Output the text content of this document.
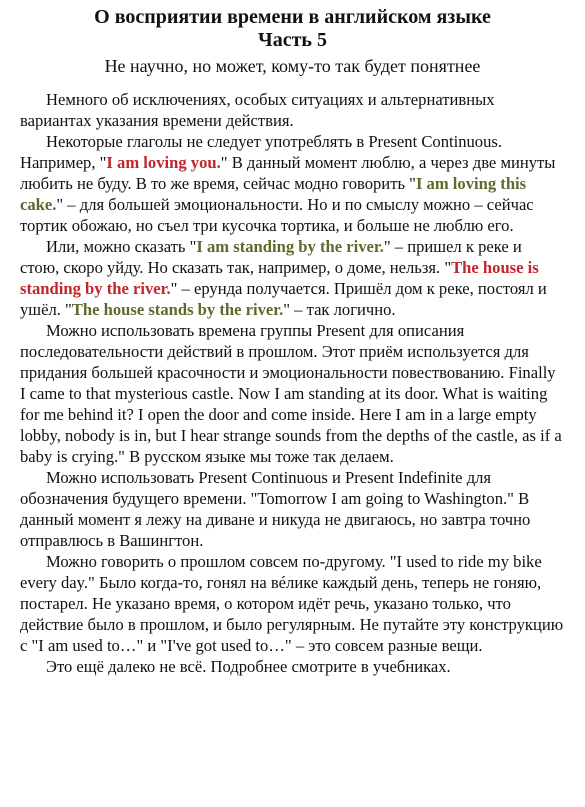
О восприятии времени в английском языке
Часть 5
Не научно, но может, кому-то так будет понятнее

Немного об исключениях, особых ситуациях и альтернативных вариантах указания времени действия.

Некоторые глаголы не следует употреблять в Present Continuous. Например, "I am loving you." В данный момент люблю, а через две минуты любить не буду. В то же время, сейчас модно говорить "I am loving this cake." – для большей эмоциональности. Но и по смыслу можно – сейчас тортик обожаю, но съел три кусочка тортика, и больше не люблю его.

Или, можно сказать "I am standing by the river." – пришел к реке и стою, скоро уйду. Но сказать так, например, о доме, нельзя. "The house is standing by the river." – ерунда получается. Пришёл дом к реке, постоял и ушёл. "The house stands by the river." – так логично.

Можно использовать времена группы Present для описания последовательности действий в прошлом. Этот приём используется для придания большей красочности и эмоциональности повествованию. Finally I came to that mysterious castle. Now I am standing at its door. What is waiting for me behind it? I open the door and come inside. Here I am in a large empty lobby, nobody is in, but I hear strange sounds from the depths of the castle, as if a baby is crying." В русском языке мы тоже так делаем.

Можно использовать Present Continuous и Present Indefinite для обозначения будущего времени. "Tomorrow I am going to Washington." В данный момент я лежу на диване и никуда не двигаюсь, но завтра точно отправлюсь в Вашингтон.

Можно говорить о прошлом совсем по-другому. "I used to ride my bike every day." Было когда-то, гонял на вéлике каждый день, теперь не гоняю, постарел. Не указано время, о котором идёт речь, указано только, что действие было в прошлом, и было регулярным. Не путайте эту конструкцию с "I am used to…" и "I've got used to…" – это совсем разные вещи.

Это ещё далеко не всё. Подробнее смотрите в учебниках.
